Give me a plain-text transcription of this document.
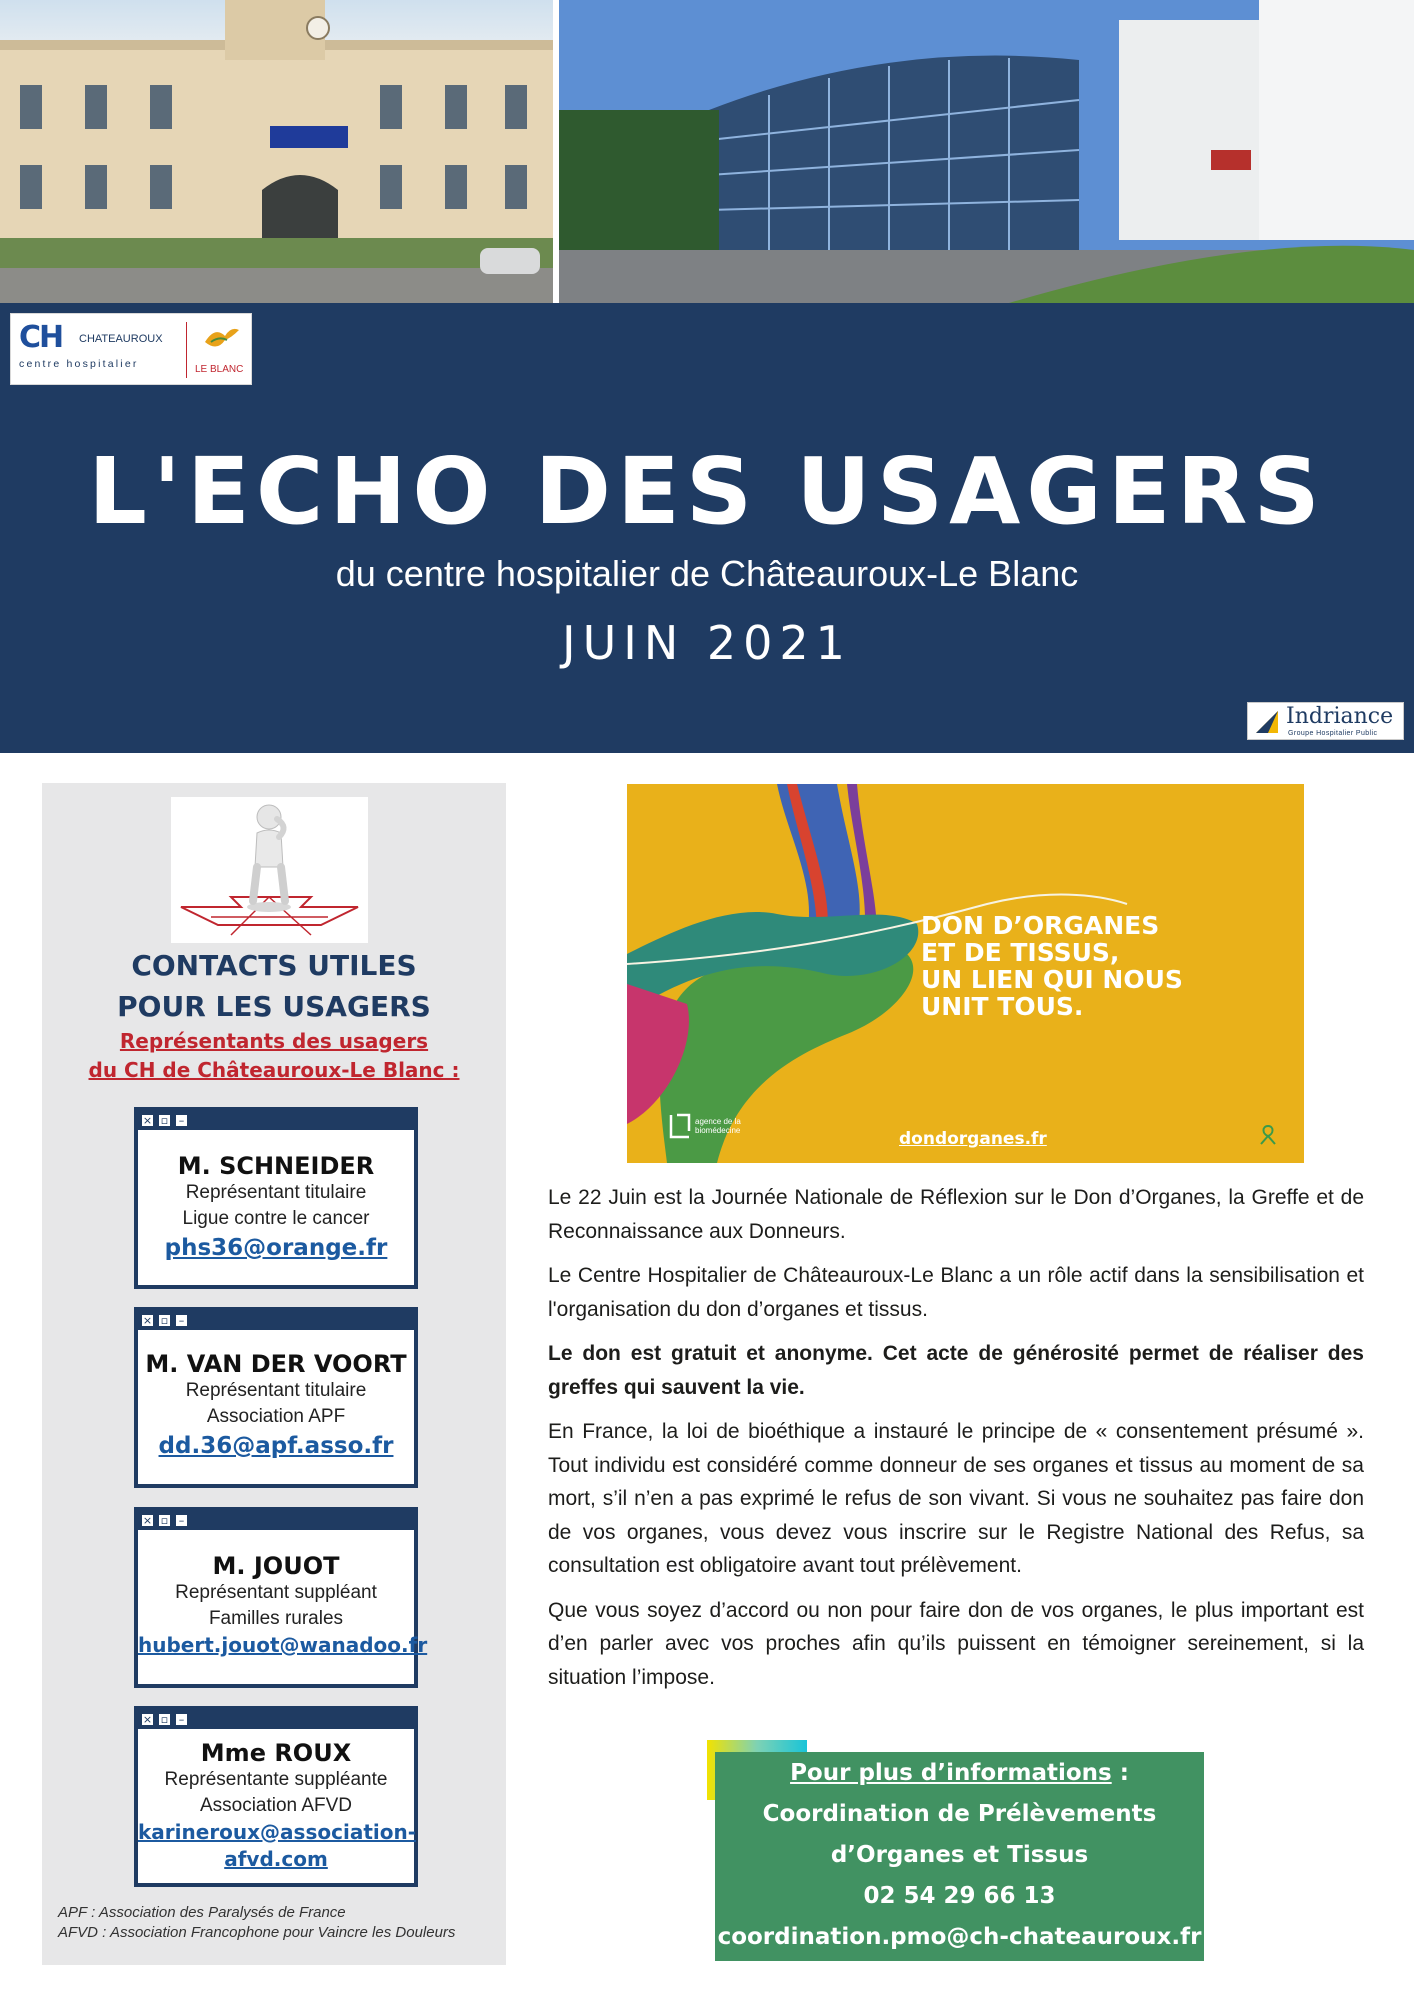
CH CHATEAUROUX
centre hospitalier	LE BLANC
L'ECHO DES USAGERS
du centre hospitalier de Châteauroux-Le Blanc
JUIN 2021
Indriance
Groupe Hospitalier Public
CONTACTS UTILES
POUR LES USAGERS
Représentants des usagers
du CH de Châteauroux-Le Blanc :
× ▫ –
M. SCHNEIDER
Représentant titulaire
Ligue contre le cancer
phs36@orange.fr
× ▫ –
M. VAN DER VOORT
Représentant titulaire
Association APF
dd.36@apf.asso.fr
× ▫ –
M. JOUOT
Représentant suppléant
Familles rurales
hubert.jouot@wanadoo.fr
× ▫ –
Mme ROUX
Représentante suppléante
Association AFVD
karineroux@association-
afvd.com
APF : Association des Paralysés de France
AFVD : Association Francophone pour Vaincre les Douleurs
DON D’ORGANES
ET DE TISSUS,
UN LIEN QUI NOUS
UNIT TOUS.
agence de la
biomédecine	dondorganes.fr

Le 22 Juin est la Journée Nationale de Réflexion sur le Don d’Organes, la Greffe et de Reconnaissance aux Donneurs.

Le Centre Hospitalier de Châteauroux-Le Blanc a un rôle actif dans la sensibilisation et l'organisation du don d’organes et tissus.

Le don est gratuit et anonyme. Cet acte de générosité permet de réaliser des greffes qui sauvent la vie.

En France, la loi de bioéthique a instauré le principe de « consentement présumé ». Tout individu est considéré comme donneur de ses organes et tissus au moment de sa mort, s’il n’en a pas exprimé le refus de son vivant. Si vous ne souhaitez pas faire don de vos organes, vous devez vous inscrire sur le Registre National des Refus, sa consultation est obligatoire avant tout prélèvement.

Que vous soyez d’accord ou non pour faire don de vos organes, le plus important est d’en parler avec vos proches afin qu’ils puissent en témoigner sereinement, si la situation l’impose.

Pour plus d’informations :
Coordination de Prélèvements
d’Organes et Tissus
02 54 29 66 13
coordination.pmo@ch-chateauroux.fr
